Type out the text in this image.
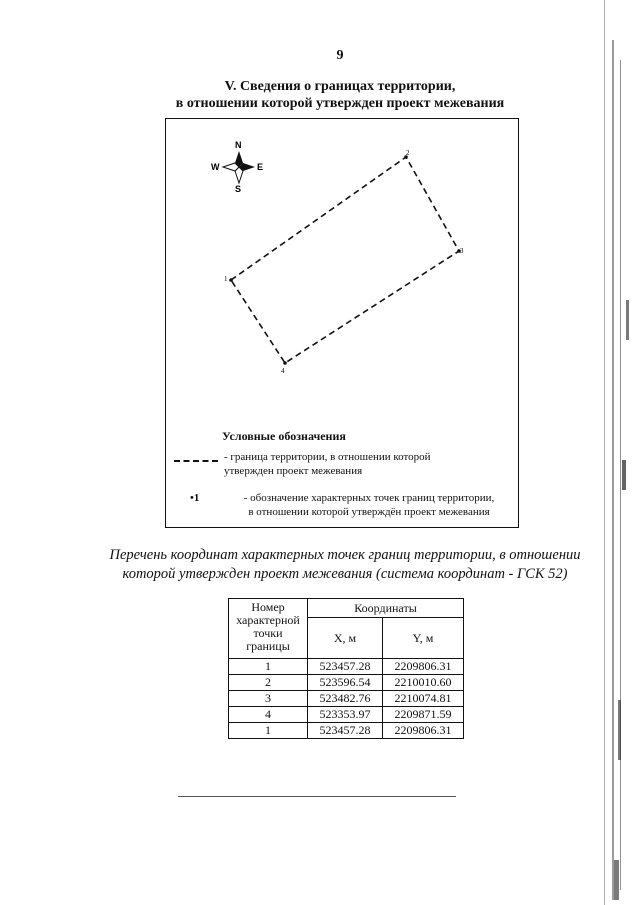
9
V. Сведения о границах территории,
в отношении которой утвержден проект межевания
N
S
W	E
1
2
3
4
Условные обозначения
- граница территории, в отношении которой
утвержден проект межевания
•1	- обозначение характерных точек границ территории,
в отношении которой утверждён проект межевания
Перечень координат характерных точек границ территории, в отношении
которой утвержден проект межевания (система координат - ГСК 52)
Номер
характерной
точки
границы	Координаты	
	X, м	Y, м
1	523457.28	2209806.31
2	523596.54	2210010.60
3	523482.76	2210074.81
4	523353.97	2209871.59
1	523457.28	2209806.31
